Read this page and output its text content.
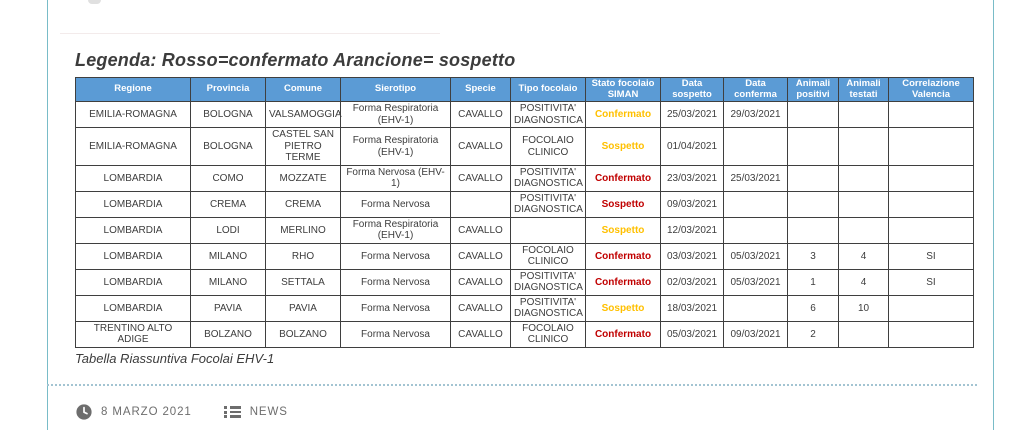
Legenda: Rosso=confermato Arancione= sospetto
Regione	Provincia	Comune	Sierotipo	Specie	Tipo focolaio	Stato focolaio SIMAN	Data sospetto	Data conferma	Animali positivi	Animali testati	Correlazione Valencia
EMILIA-ROMAGNA	BOLOGNA	VALSAMOGGIA	Forma Respiratoria (EHV-1)	CAVALLO	POSITIVITA' DIAGNOSTICA	Confermato	25/03/2021	29/03/2021			
EMILIA-ROMAGNA	BOLOGNA	CASTEL SAN PIETRO TERME	Forma Respiratoria (EHV-1)	CAVALLO	FOCOLAIO CLINICO	Sospetto	01/04/2021				
LOMBARDIA	COMO	MOZZATE	Forma Nervosa (EHV-1)	CAVALLO	POSITIVITA' DIAGNOSTICA	Confermato	23/03/2021	25/03/2021			
LOMBARDIA	CREMA	CREMA	Forma Nervosa		POSITIVITA' DIAGNOSTICA	Sospetto	09/03/2021				
LOMBARDIA	LODI	MERLINO	Forma Respiratoria (EHV-1)	CAVALLO		Sospetto	12/03/2021				
LOMBARDIA	MILANO	RHO	Forma Nervosa	CAVALLO	FOCOLAIO CLINICO	Confermato	03/03/2021	05/03/2021	3	4	SI
LOMBARDIA	MILANO	SETTALA	Forma Nervosa	CAVALLO	POSITIVITA' DIAGNOSTICA	Confermato	02/03/2021	05/03/2021	1	4	SI
LOMBARDIA	PAVIA	PAVIA	Forma Nervosa	CAVALLO	POSITIVITA' DIAGNOSTICA	Sospetto	18/03/2021		6	10	
TRENTINO ALTO ADIGE	BOLZANO	BOLZANO	Forma Nervosa	CAVALLO	FOCOLAIO CLINICO	Confermato	05/03/2021	09/03/2021	2		
Tabella Riassuntiva Focolai EHV-1
8 MARZO 2021	NEWS
